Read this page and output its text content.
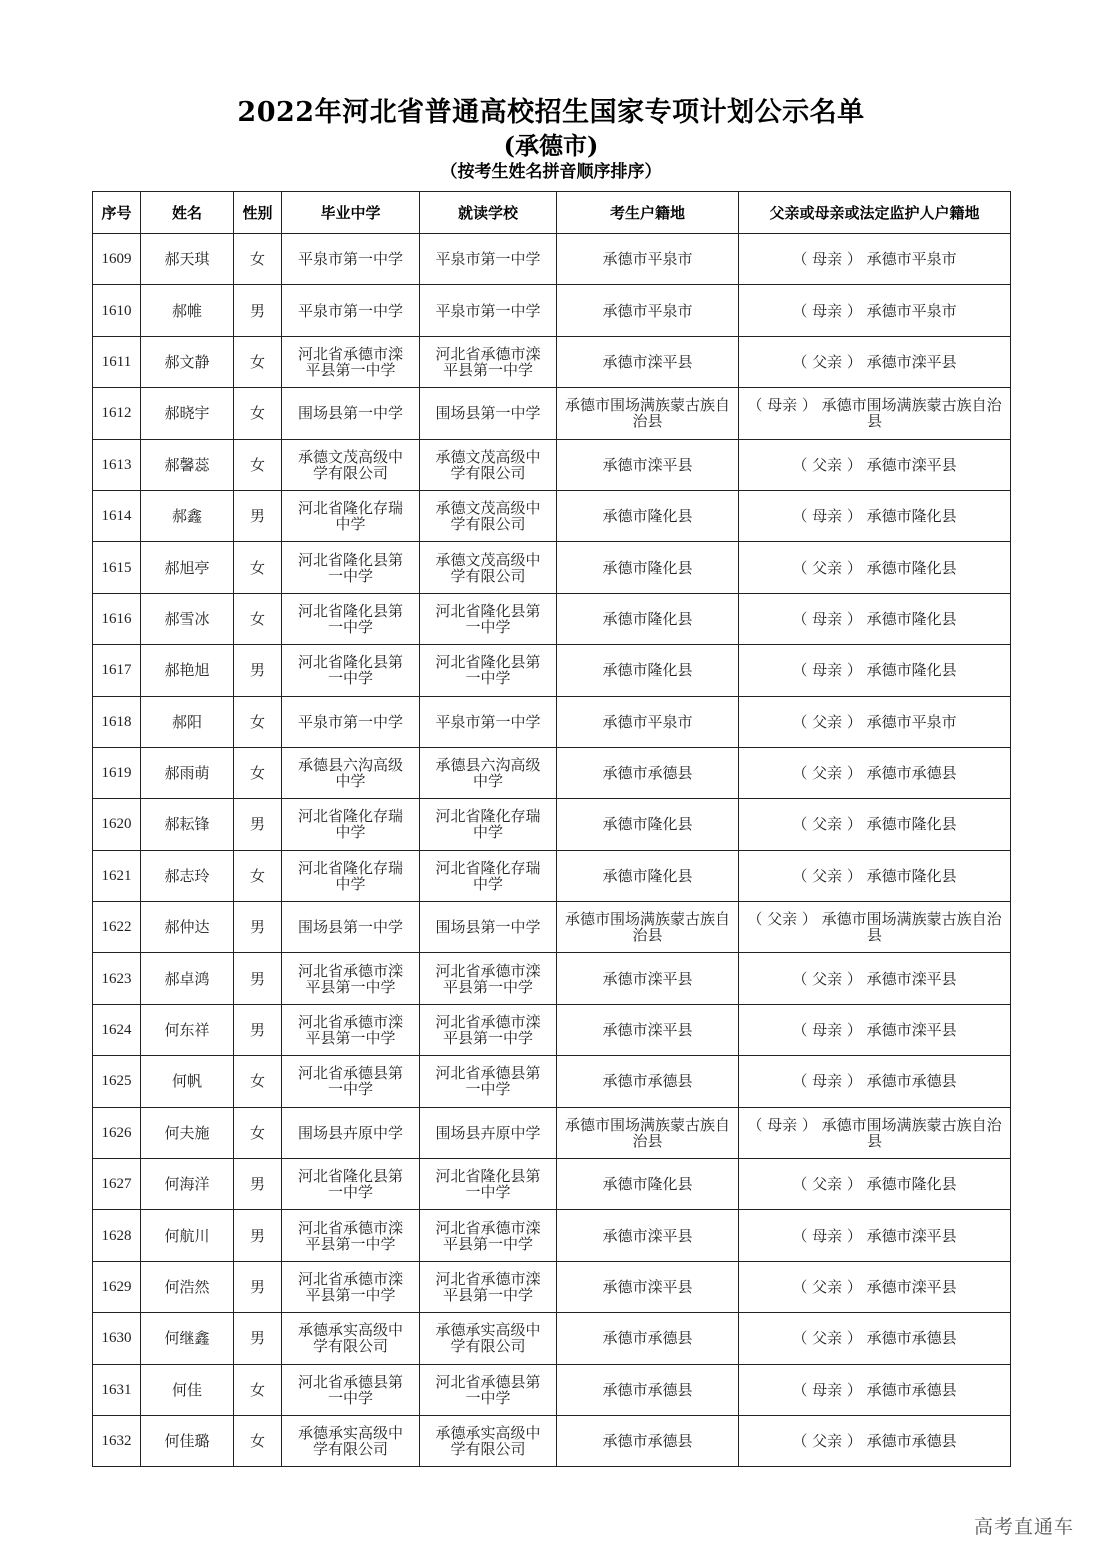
2022年河北省普通高校招生国家专项计划公示名单
(承德市)
（按考生姓名拼音顺序排序）
序号	姓名	性别	毕业中学	就读学校	考生户籍地	父亲或母亲或法定监护人户籍地
1609	郝天琪	女	平泉市第一中学	平泉市第一中学	承德市平泉市	（ 母亲 ） 承德市平泉市

1610	郝帷	男	平泉市第一中学	平泉市第一中学	承德市平泉市	（ 母亲 ） 承德市平泉市

1611	郝文静	女	河北省承德市滦平县第一中学	河北省承德市滦平县第一中学	承德市滦平县	（ 父亲 ） 承德市滦平县

1612	郝晓宇	女	围场县第一中学	围场县第一中学	承德市围场满族蒙古族自治县	（ 母亲 ） 承德市围场满族蒙古族自治县

1613	郝馨蕊	女	承德文茂高级中学有限公司	承德文茂高级中学有限公司	承德市滦平县	（ 父亲 ） 承德市滦平县

1614	郝鑫	男	河北省隆化存瑞中学	承德文茂高级中学有限公司	承德市隆化县	（ 母亲 ） 承德市隆化县

1615	郝旭亭	女	河北省隆化县第一中学	承德文茂高级中学有限公司	承德市隆化县	（ 父亲 ） 承德市隆化县

1616	郝雪冰	女	河北省隆化县第一中学	河北省隆化县第一中学	承德市隆化县	（ 母亲 ） 承德市隆化县

1617	郝艳旭	男	河北省隆化县第一中学	河北省隆化县第一中学	承德市隆化县	（ 母亲 ） 承德市隆化县

1618	郝阳	女	平泉市第一中学	平泉市第一中学	承德市平泉市	（ 父亲 ） 承德市平泉市

1619	郝雨萌	女	承德县六沟高级中学	承德县六沟高级中学	承德市承德县	（ 父亲 ） 承德市承德县

1620	郝耘锋	男	河北省隆化存瑞中学	河北省隆化存瑞中学	承德市隆化县	（ 父亲 ） 承德市隆化县

1621	郝志玲	女	河北省隆化存瑞中学	河北省隆化存瑞中学	承德市隆化县	（ 父亲 ） 承德市隆化县

1622	郝仲达	男	围场县第一中学	围场县第一中学	承德市围场满族蒙古族自治县	（ 父亲 ） 承德市围场满族蒙古族自治县

1623	郝卓鸿	男	河北省承德市滦平县第一中学	河北省承德市滦平县第一中学	承德市滦平县	（ 父亲 ） 承德市滦平县

1624	何东祥	男	河北省承德市滦平县第一中学	河北省承德市滦平县第一中学	承德市滦平县	（ 母亲 ） 承德市滦平县

1625	何帆	女	河北省承德县第一中学	河北省承德县第一中学	承德市承德县	（ 母亲 ） 承德市承德县

1626	何夫施	女	围场县卉原中学	围场县卉原中学	承德市围场满族蒙古族自治县	（ 母亲 ） 承德市围场满族蒙古族自治县

1627	何海洋	男	河北省隆化县第一中学	河北省隆化县第一中学	承德市隆化县	（ 父亲 ） 承德市隆化县

1628	何航川	男	河北省承德市滦平县第一中学	河北省承德市滦平县第一中学	承德市滦平县	（ 母亲 ） 承德市滦平县

1629	何浩然	男	河北省承德市滦平县第一中学	河北省承德市滦平县第一中学	承德市滦平县	（ 父亲 ） 承德市滦平县

1630	何继鑫	男	承德承实高级中学有限公司	承德承实高级中学有限公司	承德市承德县	（ 父亲 ） 承德市承德县

1631	何佳	女	河北省承德县第一中学	河北省承德县第一中学	承德市承德县	（ 母亲 ） 承德市承德县

1632	何佳璐	女	承德承实高级中学有限公司	承德承实高级中学有限公司	承德市承德县	（ 父亲 ） 承德市承德县
高考直通车
